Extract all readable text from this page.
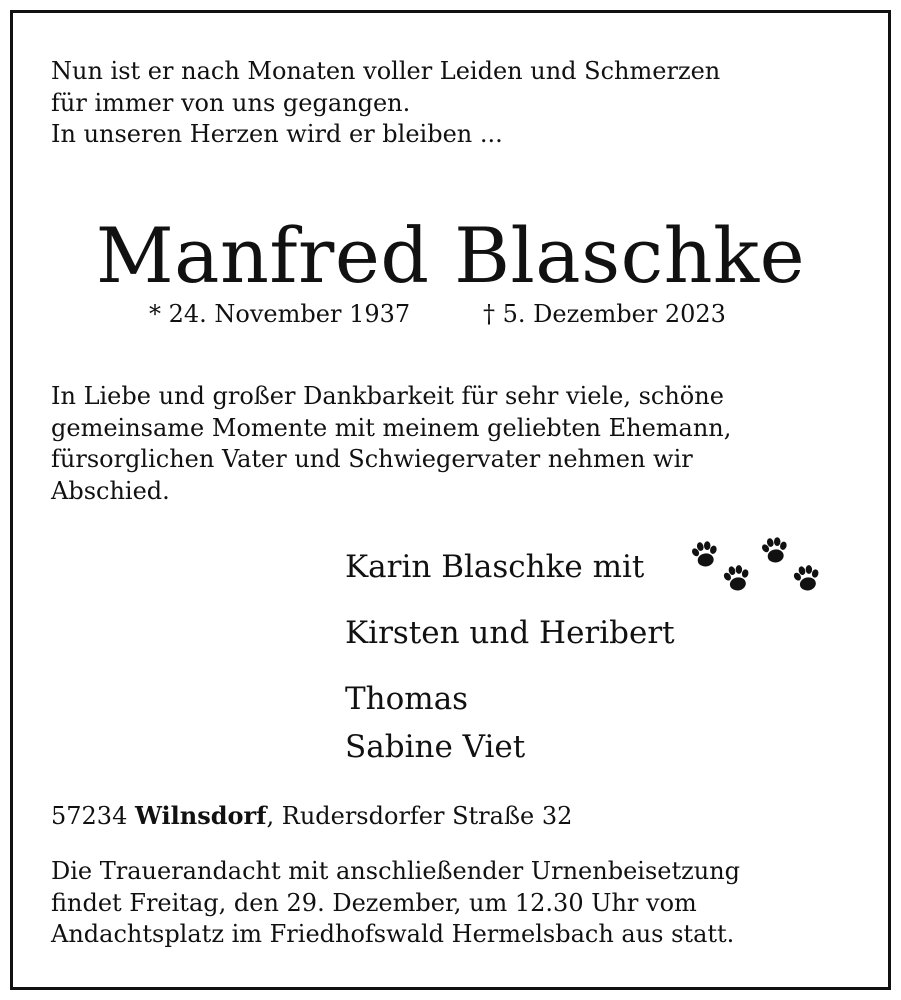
Nun ist er nach Monaten voller Leiden und Schmerzen
für immer von uns gegangen.
In unseren Herzen wird er bleiben ...
Manfred Blaschke
* 24. November 1937	† 5. Dezember 2023
In Liebe und großer Dankbarkeit für sehr viele, schöne
gemeinsame Momente mit meinem geliebten Ehemann,
fürsorglichen Vater und Schwiegervater nehmen wir
Abschied.
Karin Blaschke mit
Kirsten und Heribert
Thomas
Sabine Viet
57234 Wilnsdorf, Rudersdorfer Straße 32
Die Trauerandacht mit anschließender Urnenbeisetzung
findet Freitag, den 29. Dezember, um 12.30 Uhr vom
Andachtsplatz im Friedhofswald Hermelsbach aus statt.
